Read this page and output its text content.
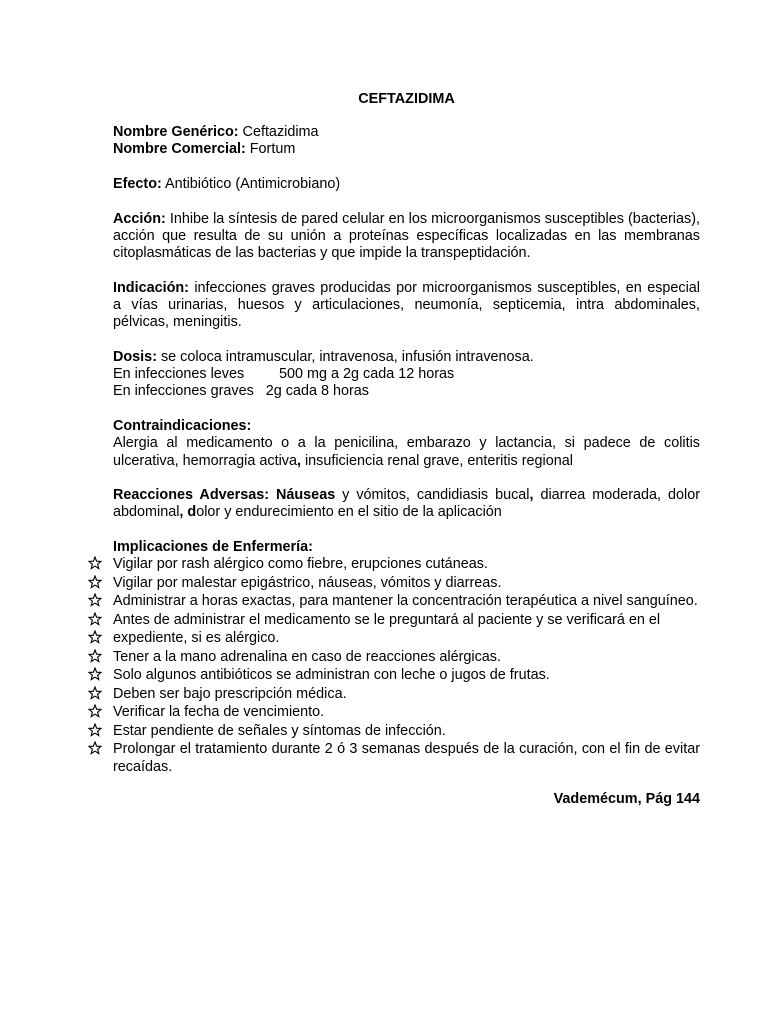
CEFTAZIDIMA

Nombre Genérico: Ceftazidima

Nombre Comercial: Fortum

Efecto: Antibiótico (Antimicrobiano)

Acción: Inhibe la síntesis de pared celular en los microorganismos susceptibles (bacterias), acción que resulta de su unión a proteínas específicas localizadas en las membranas citoplasmáticas de las bacterias y que impide la transpeptidación.

Indicación: infecciones graves producidas por microorganismos susceptibles, en especial a vías urinarias, huesos y articulaciones, neumonía, septicemia, intra abdominales, pélvicas, meningitis.

Dosis: se coloca intramuscular, intravenosa, infusión intravenosa.

En infecciones leves 500 mg a 2g cada 12 horas

En infecciones graves 2g cada 8 horas

Contraindicaciones:

Alergia al medicamento o a la penicilina, embarazo y lactancia, si padece de colitis ulcerativa, hemorragia activa, insuficiencia renal grave, enteritis regional

Reacciones Adversas: Náuseas y vómitos, candidiasis bucal, diarrea moderada, dolor abdominal, dolor y endurecimiento en el sitio de la aplicación

Implicaciones de Enfermería:

Vigilar por rash alérgico como fiebre, erupciones cutáneas.
Vigilar por malestar epigástrico, náuseas, vómitos y diarreas.
Administrar a horas exactas, para mantener la concentración terapéutica a nivel sanguíneo.
Antes de administrar el medicamento se le preguntará al paciente y se verificará en el
expediente, si es alérgico.
Tener a la mano adrenalina en caso de reacciones alérgicas.
Solo algunos antibióticos se administran con leche o jugos de frutas.
Deben ser bajo prescripción médica.
Verificar la fecha de vencimiento.
Estar pendiente de señales y síntomas de infección.
Prolongar el tratamiento durante 2 ó 3 semanas después de la curación, con el fin de evitar recaídas.

Vademécum, Pág 144
